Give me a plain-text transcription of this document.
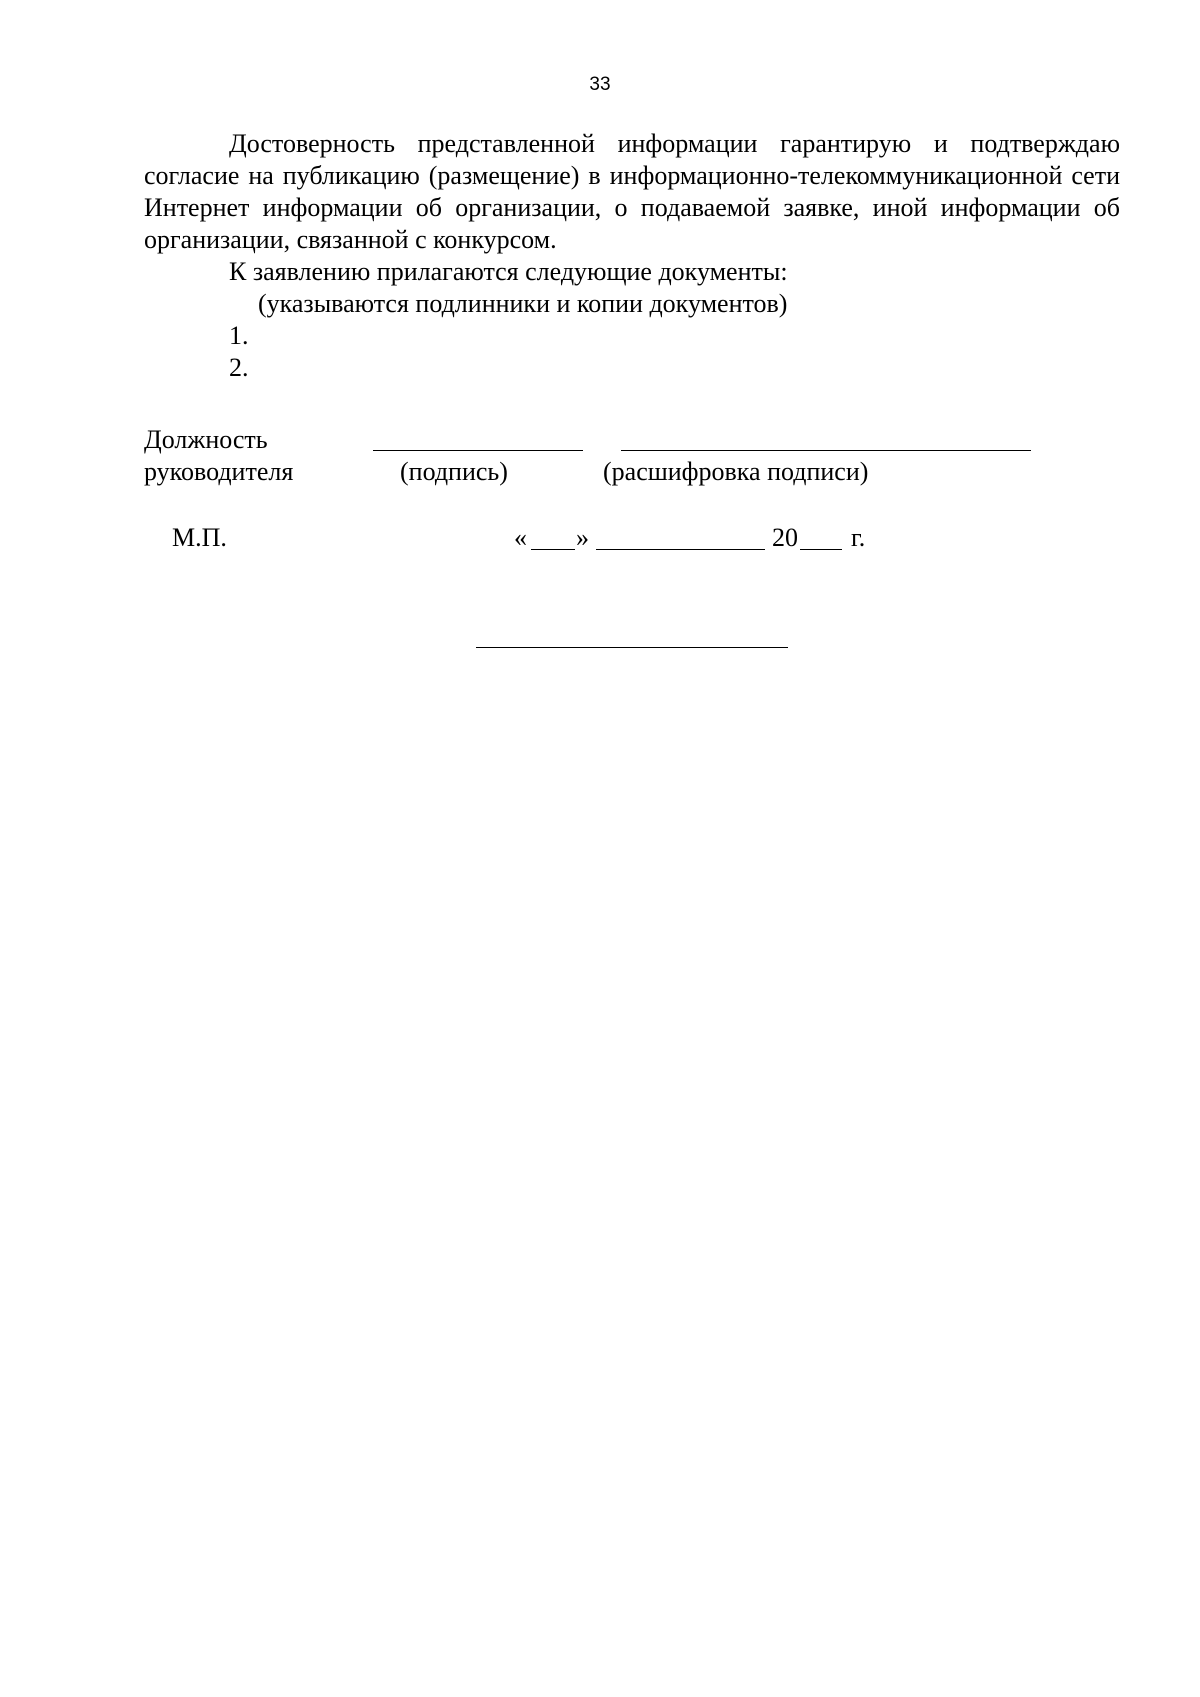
33

Достоверность представленной информации гарантирую и подтверждаю согласие на публикацию (размещение) в информационно-телекоммуникационной сети Интернет информации об организации, о подаваемой заявке, иной информации об организации, связанной с конкурсом.

К заявлению прилагаются следующие документы:

(указываются подлинники и копии документов)

1.

2.

Должность
руководителя	(подпись)	(расшифровка подписи)
М.П.	« »	20 г.
